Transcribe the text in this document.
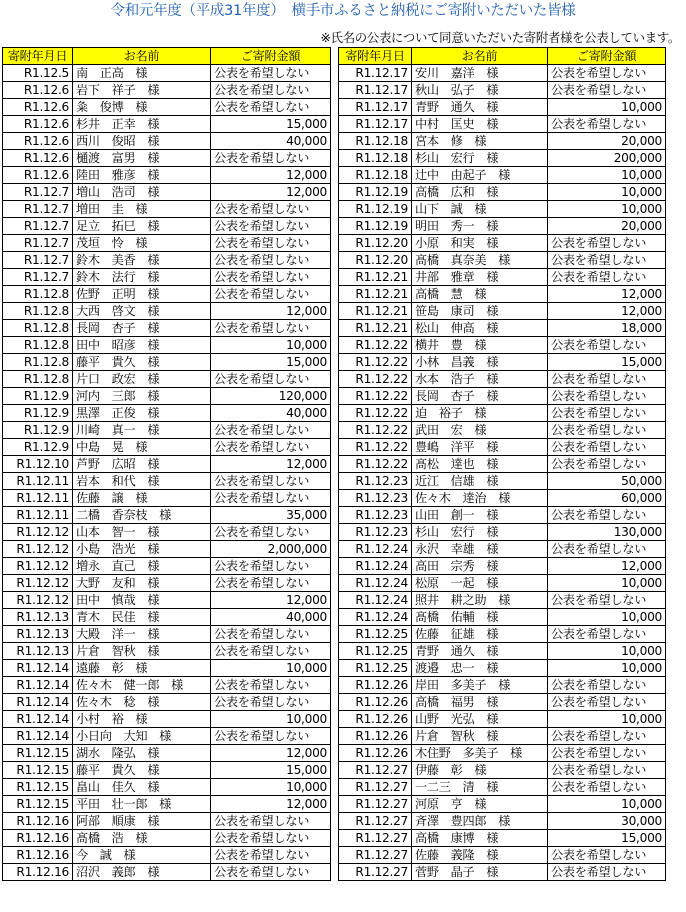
令和元年度（平成31年度）　横手市ふるさと納税にご寄附いただいた皆様
※氏名の公表について同意いただいた寄附者様を公表しています。
寄附年月日	お名前	ご寄附金額
R1.12.5	南　正高　様	公表を希望しない
R1.12.6	岩下　祥子　様	公表を希望しない
R1.12.6	粂　俊博　様	公表を希望しない
R1.12.6	杉井　正幸　様	15,000
R1.12.6	西川　俊昭　様	40,000
R1.12.6	樋渡　富男　様	公表を希望しない
R1.12.6	陸田　雅彦　様	12,000
R1.12.7	増山　浩司　様	12,000
R1.12.7	増田　圭　様	公表を希望しない
R1.12.7	足立　拓巳　様	公表を希望しない
R1.12.7	茂垣　怜　様	公表を希望しない
R1.12.7	鈴木　美香　様	公表を希望しない
R1.12.7	鈴木　法行　様	公表を希望しない
R1.12.8	佐野　正明　様	公表を希望しない
R1.12.8	大西　啓文　様	12,000
R1.12.8	長岡　杏子　様	公表を希望しない
R1.12.8	田中　昭彦　様	10,000
R1.12.8	藤平　貴久　様	15,000
R1.12.8	片口　政宏　様	公表を希望しない
R1.12.9	河内　三郎　様	120,000
R1.12.9	黒澤　正俊　様	40,000
R1.12.9	川崎　真一　様	公表を希望しない
R1.12.9	中島　晃　様	公表を希望しない
R1.12.10	芦野　広昭　様	12,000
R1.12.11	岩本　和代　様	公表を希望しない
R1.12.11	佐藤　譲　様	公表を希望しない
R1.12.11	二橋　香奈枝　様	35,000
R1.12.12	山本　智一　様	公表を希望しない
R1.12.12	小島　浩光　様	2,000,000
R1.12.12	増永　直己　様	公表を希望しない
R1.12.12	大野　友和　様	公表を希望しない
R1.12.12	田中　慎哉　様	12,000
R1.12.13	青木　民佳　様	40,000
R1.12.13	大殿　洋一　様	公表を希望しない
R1.12.13	片倉　智秋　様	公表を希望しない
R1.12.14	遠藤　彰　様	10,000
R1.12.14	佐々木　健一郎　様	公表を希望しない
R1.12.14	佐々木　稔　様	公表を希望しない
R1.12.14	小村　裕　様	10,000
R1.12.14	小日向　大知　様	公表を希望しない
R1.12.15	湖水　隆弘　様	12,000
R1.12.15	藤平　貴久　様	15,000
R1.12.15	畠山　佳久　様	10,000
R1.12.15	平田　壮一郎　様	12,000
R1.12.16	阿部　順康　様	公表を希望しない
R1.12.16	髙橋　浩　様	公表を希望しない
R1.12.16	今　誠　様	公表を希望しない
R1.12.16	沼沢　義郎　様	公表を希望しない
寄附年月日	お名前	ご寄附金額
R1.12.17	安川　嘉洋　様	公表を希望しない
R1.12.17	秋山　弘子　様	公表を希望しない
R1.12.17	青野　通久　様	10,000
R1.12.17	中村　匡史　様	公表を希望しない
R1.12.18	宮本　修　様	20,000
R1.12.18	杉山　宏行　様	200,000
R1.12.18	辻中　由起子　様	10,000
R1.12.19	高橋　広和　様	10,000
R1.12.19	山下　誠　様	10,000
R1.12.19	明田　秀一　様	20,000
R1.12.20	小原　和実　様	公表を希望しない
R1.12.20	髙橋　真奈美　様	公表を希望しない
R1.12.21	井部　雅章　様	公表を希望しない
R1.12.21	高橋　慧　様	12,000
R1.12.21	笹島　康司　様	12,000
R1.12.21	松山　伸高　様	18,000
R1.12.22	横井　豊　様	公表を希望しない
R1.12.22	小林　昌義　様	15,000
R1.12.22	水本　浩子　様	公表を希望しない
R1.12.22	長岡　杏子　様	公表を希望しない
R1.12.22	迫　裕子　様	公表を希望しない
R1.12.22	武田　宏　様	公表を希望しない
R1.12.22	豊嶋　洋平　様	公表を希望しない
R1.12.22	髙松　達也　様	公表を希望しない
R1.12.23	近江　信雄　様	50,000
R1.12.23	佐々木　達治　様	60,000
R1.12.23	山田　創一　様	公表を希望しない
R1.12.23	杉山　宏行　様	130,000
R1.12.24	永沢　幸雄　様	公表を希望しない
R1.12.24	高田　宗秀　様	12,000
R1.12.24	松原　一起　様	10,000
R1.12.24	照井　耕之助　様	公表を希望しない
R1.12.24	髙橋　佑輔　様	10,000
R1.12.25	佐藤　征雄　様	公表を希望しない
R1.12.25	青野　通久　様	10,000
R1.12.25	渡邉　忠一　様	10,000
R1.12.26	岸田　多美子　様	公表を希望しない
R1.12.26	高橋　福男　様	公表を希望しない
R1.12.26	山野　光弘　様	10,000
R1.12.26	片倉　智秋　様	公表を希望しない
R1.12.26	木住野　多美子　様	公表を希望しない
R1.12.27	伊藤　彰　様	公表を希望しない
R1.12.27	一二三　清　様	公表を希望しない
R1.12.27	河原　亨　様	10,000
R1.12.27	斉澤　豊四郎　様	30,000
R1.12.27	高橋　康博　様	15,000
R1.12.27	佐藤　義隆　様	公表を希望しない
R1.12.27	菅野　晶子　様	公表を希望しない
